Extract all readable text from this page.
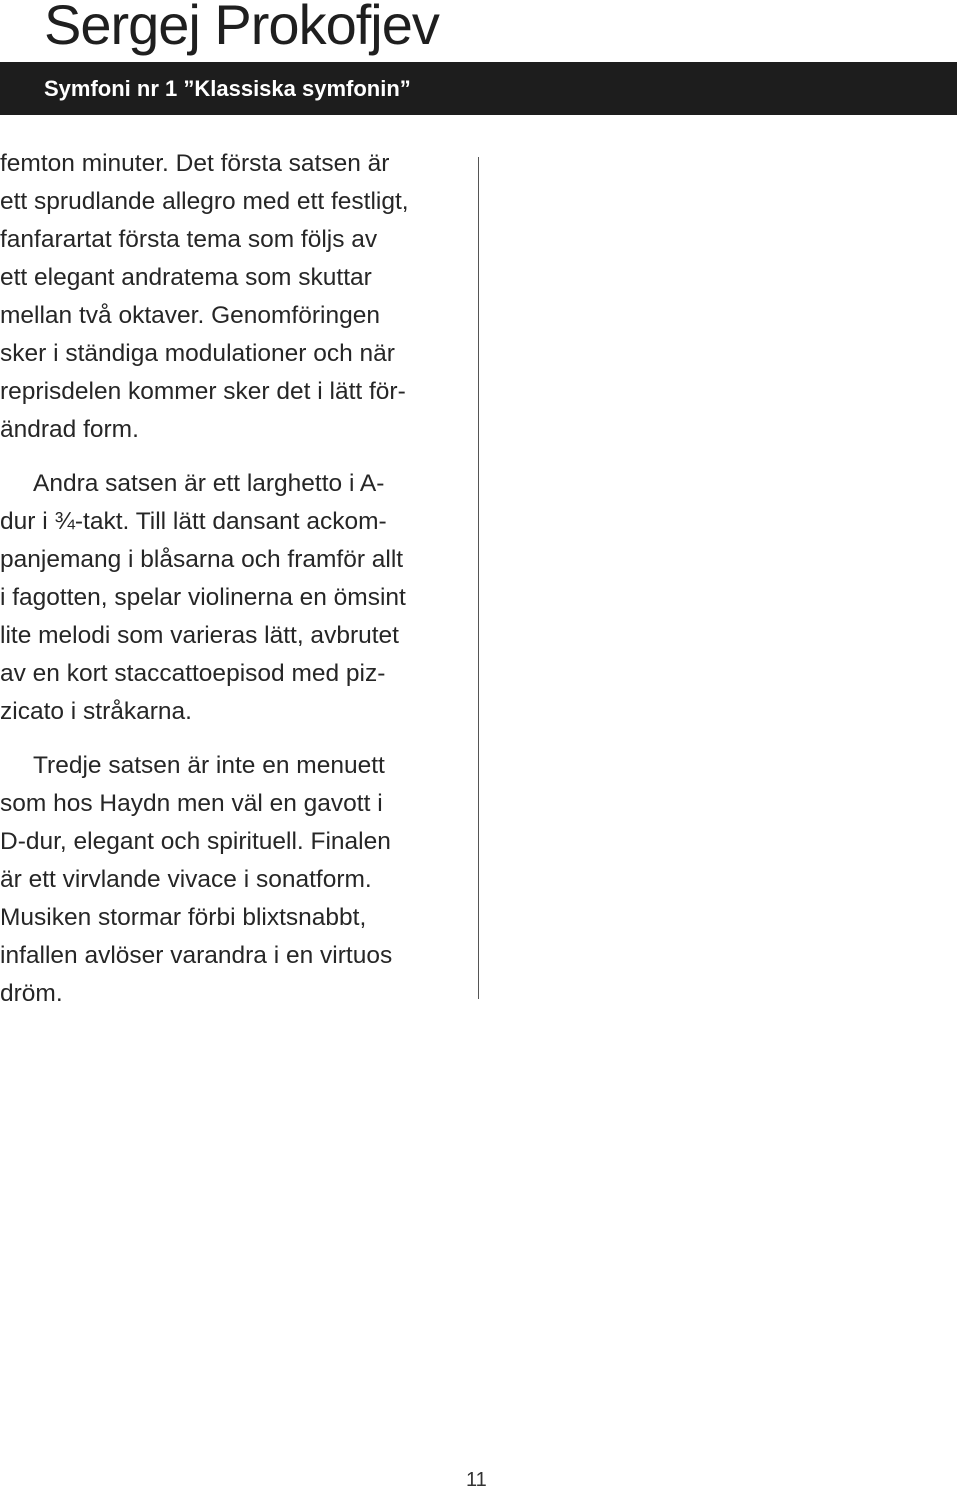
Sergej Prokofjev
Symfoni nr 1 ”Klassiska symfonin”

femton minuter. Det första satsen är
ett sprudlande allegro med ett festligt,
fanfarartat första tema som följs av
ett elegant andratema som skuttar
mellan två oktaver. Genomföringen
sker i ständiga modulationer och när
reprisdelen kommer sker det i lätt för-
ändrad form.

Andra satsen är ett larghetto i A-
dur i ¾-takt. Till lätt dansant ackom-
panjemang i blåsarna och framför allt
i fagotten, spelar violinerna en ömsint
lite melodi som varieras lätt, avbrutet
av en kort staccattoepisod med piz-
zicato i stråkarna.

Tredje satsen är inte en menuett
som hos Haydn men väl en gavott i
D-dur, elegant och spirituell. Finalen
är ett virvlande vivace i sonatform.
Musiken stormar förbi blixtsnabbt,
infallen avlöser varandra i en virtuos
dröm.

11
